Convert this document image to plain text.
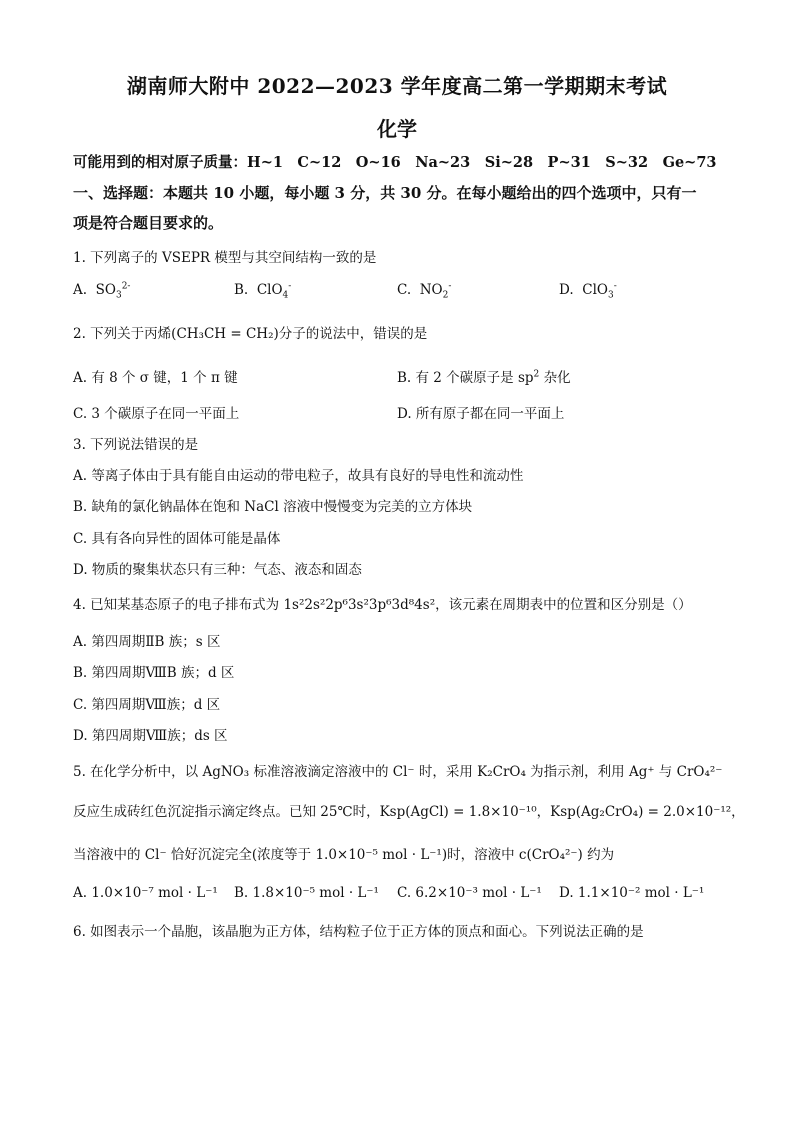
湖南师大附中 2022—2023 学年度高二第一学期期末考试
化学
可能用到的相对原子质量：H~1　C~12　O~16　Na~23　Si~28　P~31　S~32　Ge~73
一、选择题：本题共 10 小题，每小题 3 分，共 30 分。在每小题给出的四个选项中，只有一
项是符合题目要求的。
1. 下列离子的 VSEPR 模型与其空间结构一致的是
A. $SO_3^{2-}$	B. ClO$_4$-	C. $NO_2^-$	D. ClO$_3$-
2. 下列关于丙烯(CH₃CH = CH₂)分子的说法中，错误的是
A. 有 8 个 σ 键，1 个 π 键	B. 有 2 个碳原子是 $sp^2$ 杂化
C. 3 个碳原子在同一平面上	D. 所有原子都在同一平面上
3. 下列说法错误的是
A. 等离子体由于具有能自由运动的带电粒子，故具有良好的导电性和流动性
B. 缺角的氯化钠晶体在饱和 NaCl 溶液中慢慢变为完美的立方体块
C. 具有各向异性的固体可能是晶体
D. 物质的聚集状态只有三种：气态、液态和固态
4. 已知某基态原子的电子排布式为 1s²2s²2p⁶3s²3p⁶3d⁸4s²，该元素在周期表中的位置和区分别是（）
A. 第四周期ⅡB 族；s 区
B. 第四周期ⅧB 族；d 区
C. 第四周期Ⅷ族；d 区
D. 第四周期Ⅷ族；ds 区
5. 在化学分析中，以 AgNO₃ 标准溶液滴定溶液中的 Cl⁻ 时，采用 K₂CrO₄ 为指示剂，利用 Ag⁺ 与 CrO₄²⁻
反应生成砖红色沉淀指示滴定终点。已知 25℃时，Ksp(AgCl) = 1.8×10⁻¹⁰，Ksp(Ag₂CrO₄) = 2.0×10⁻¹²，
当溶液中的 Cl⁻ 恰好沉淀完全(浓度等于 1.0×10⁻⁵ mol · L⁻¹)时，溶液中 c(CrO₄²⁻) 约为
A. 1.0×10⁻⁷ mol · L⁻¹ B. 1.8×10⁻⁵ mol · L⁻¹ C. 6.2×10⁻³ mol · L⁻¹ D. 1.1×10⁻² mol · L⁻¹
6. 如图表示一个晶胞，该晶胞为正方体，结构粒子位于正方体的顶点和面心。下列说法正确的是
